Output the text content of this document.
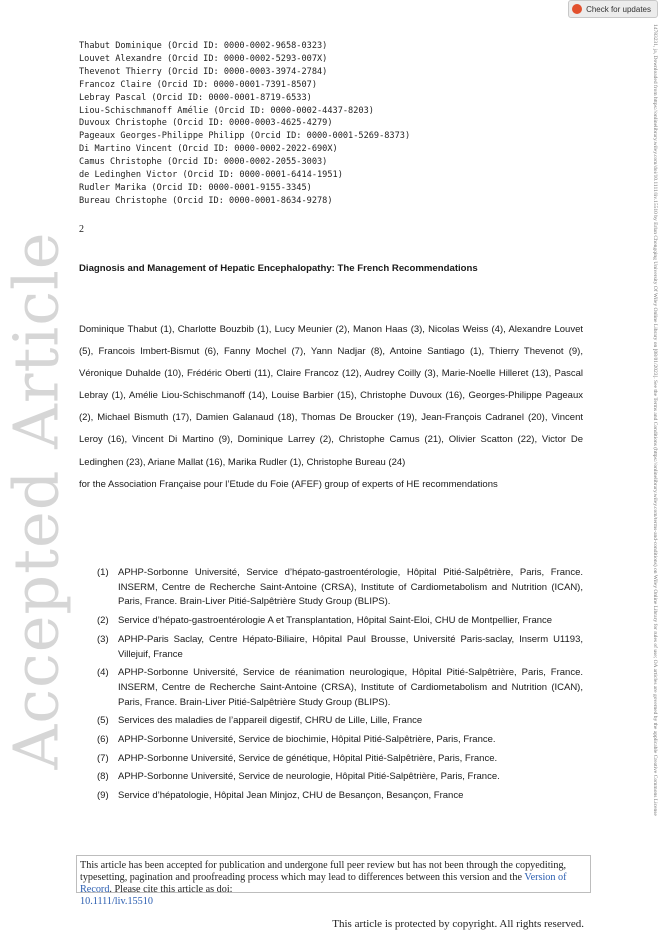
Accepted Article
Check for updates
14783231, ja, Downloaded from https://onlinelibrary.wiley.com/doi/10.1111/liv.15510 by Erlan Chongqing University Of Wiley Online Library on [08/01/2023]. See the Terms and Conditions (https://onlinelibrary.wiley.com/terms-and-conditions) on Wiley Online Library for rules of use; OA articles are governed by the applicable Creative Commons License
Thabut Dominique (Orcid ID: 0000-0002-9658-0323)
Louvet Alexandre (Orcid ID: 0000-0002-5293-007X)
Thevenot Thierry (Orcid ID: 0000-0003-3974-2784)
Francoz Claire (Orcid ID: 0000-0001-7391-8507)
Lebray Pascal (Orcid ID: 0000-0001-8719-6533)
Liou-Schischmanoff Amélie (Orcid ID: 0000-0002-4437-8203)
Duvoux Christophe (Orcid ID: 0000-0003-4625-4279)
Pageaux Georges-Philippe Philipp (Orcid ID: 0000-0001-5269-8373)
Di Martino Vincent (Orcid ID: 0000-0002-2022-690X)
Camus Christophe (Orcid ID: 0000-0002-2055-3003)
de Ledinghen Victor (Orcid ID: 0000-0001-6414-1951)
Rudler Marika (Orcid ID: 0000-0001-9155-3345)
Bureau Christophe (Orcid ID: 0000-0001-8634-9278)
2
Diagnosis and Management of Hepatic Encephalopathy: The French Recommendations
Dominique Thabut (1), Charlotte Bouzbib (1), Lucy Meunier (2), Manon Haas (3), Nicolas Weiss (4), Alexandre Louvet (5), Francois Imbert-Bismut (6), Fanny Mochel (7), Yann Nadjar (8), Antoine Santiago (1), Thierry Thevenot (9), Véronique Duhalde (10), Frédéric Oberti (11), Claire Francoz (12), Audrey Coilly (3), Marie-Noelle Hilleret (13), Pascal Lebray (1), Amélie Liou-Schischmanoff (14), Louise Barbier (15), Christophe Duvoux (16), Georges-Philippe Pageaux (2), Michael Bismuth (17), Damien Galanaud (18), Thomas De Broucker (19), Jean-François Cadranel (20), Vincent Leroy (16), Vincent Di Martino (9), Dominique Larrey (2), Christophe Camus (21), Olivier Scatton (22), Victor De Ledinghen (23), Ariane Mallat (16), Marika Rudler (1), Christophe Bureau (24)
for the Association Française pour l’Etude du Foie (AFEF) group of experts of HE recommendations
(1) APHP-Sorbonne Université, Service d’hépato-gastroentérologie, Hôpital Pitié-Salpêtrière, Paris, France. INSERM, Centre de Recherche Saint-Antoine (CRSA), Institute of Cardiometabolism and Nutrition (ICAN), Paris, France. Brain-Liver Pitié-Salpêtrière Study Group (BLIPS).
(2) Service d’hépato-gastroentérologie A et Transplantation, Hôpital Saint-Eloi, CHU de Montpellier, France
(3) APHP-Paris Saclay, Centre Hépato-Biliaire, Hôpital Paul Brousse, Université Paris-saclay, Inserm U1193, Villejuif, France
(4) APHP-Sorbonne Université, Service de réanimation neurologique, Hôpital Pitié-Salpêtrière, Paris, France. INSERM, Centre de Recherche Saint-Antoine (CRSA), Institute of Cardiometabolism and Nutrition (ICAN), Paris, France. Brain-Liver Pitié-Salpêtrière Study Group (BLIPS).
(5) Services des maladies de l’appareil digestif, CHRU de Lille, Lille, France
(6) APHP-Sorbonne Université, Service de biochimie, Hôpital Pitié-Salpêtrière, Paris, France.
(7) APHP-Sorbonne Université, Service de génétique, Hôpital Pitié-Salpêtrière, Paris, France.
(8) APHP-Sorbonne Université, Service de neurologie, Hôpital Pitié-Salpêtrière, Paris, France.
(9) Service d’hépatologie, Hôpital Jean Minjoz, CHU de Besançon, Besançon, France
This article has been accepted for publication and undergone full peer review but has not been through the copyediting, typesetting, pagination and proofreading process which may lead to differences between this version and the Version of Record. Please cite this article as doi:
10.1111/liv.15510
This article is protected by copyright. All rights reserved.
